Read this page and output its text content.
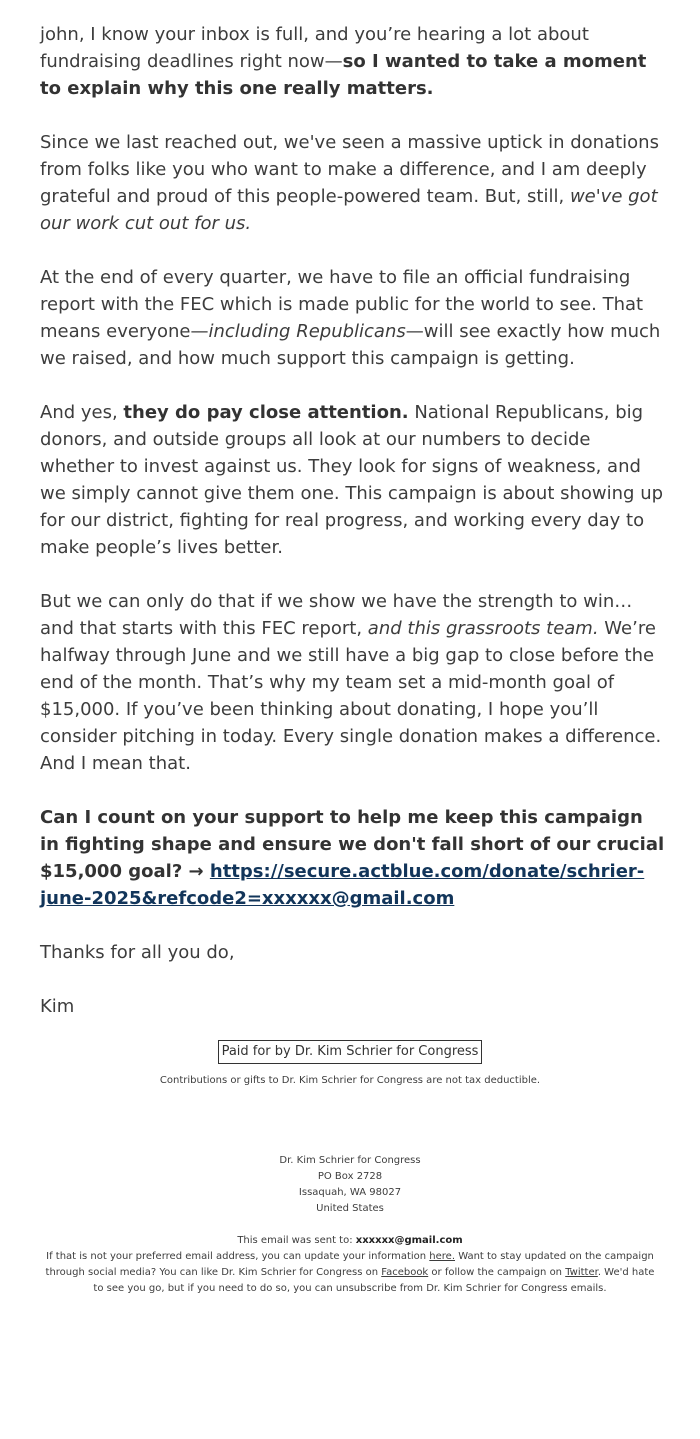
john, I know your inbox is full, and you’re hearing a lot about fundraising deadlines right now—so I wanted to take a moment to explain why this one really matters.

Since we last reached out, we've seen a massive uptick in donations from folks like you who want to make a difference, and I am deeply grateful and proud of this people-powered team. But, still, we've got our work cut out for us.

At the end of every quarter, we have to file an official fundraising report with the FEC which is made public for the world to see. That means everyone—including Republicans—will see exactly how much we raised, and how much support this campaign is getting.

And yes, they do pay close attention. National Republicans, big donors, and outside groups all look at our numbers to decide whether to invest against us. They look for signs of weakness, and we simply cannot give them one. This campaign is about showing up for our district, fighting for real progress, and working every day to make people’s lives better.

But we can only do that if we show we have the strength to win…and that starts with this FEC report, and this grassroots team. We’re halfway through June and we still have a big gap to close before the end of the month. That’s why my team set a mid-month goal of $15,000. If you’ve been thinking about donating, I hope you’ll consider pitching in today. Every single donation makes a difference. And I mean that.

Can I count on your support to help me keep this campaign in fighting shape and ensure we don't fall short of our crucial $15,000 goal? → https://secure.actblue.com/donate/schrier-june-2025&refcode2=xxxxxx@gmail.com

Thanks for all you do,

Kim

Paid for by Dr. Kim Schrier for Congress
Contributions or gifts to Dr. Kim Schrier for Congress are not tax deductible.
Dr. Kim Schrier for Congress
PO Box 2728
Issaquah, WA 98027
United States
This email was sent to: xxxxxx@gmail.com
If that is not your preferred email address, you can update your information here. Want to stay updated on the campaign through social media? You can like Dr. Kim Schrier for Congress on Facebook or follow the campaign on Twitter. We'd hate to see you go, but if you need to do so, you can unsubscribe from Dr. Kim Schrier for Congress emails.
